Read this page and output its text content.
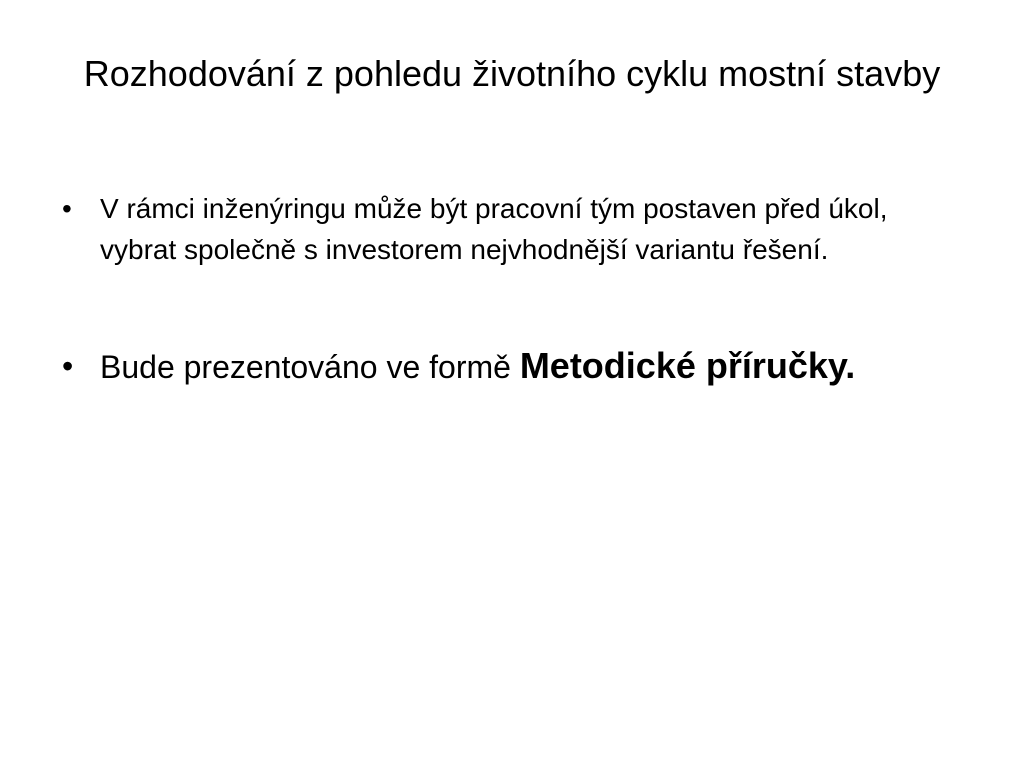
Rozhodování z pohledu životního cyklu mostní stavby
• V rámci inženýringu může být pracovní tým postaven před úkol, vybrat společně s investorem nejvhodnější variantu řešení.
• Bude prezentováno ve formě Metodické příručky.
